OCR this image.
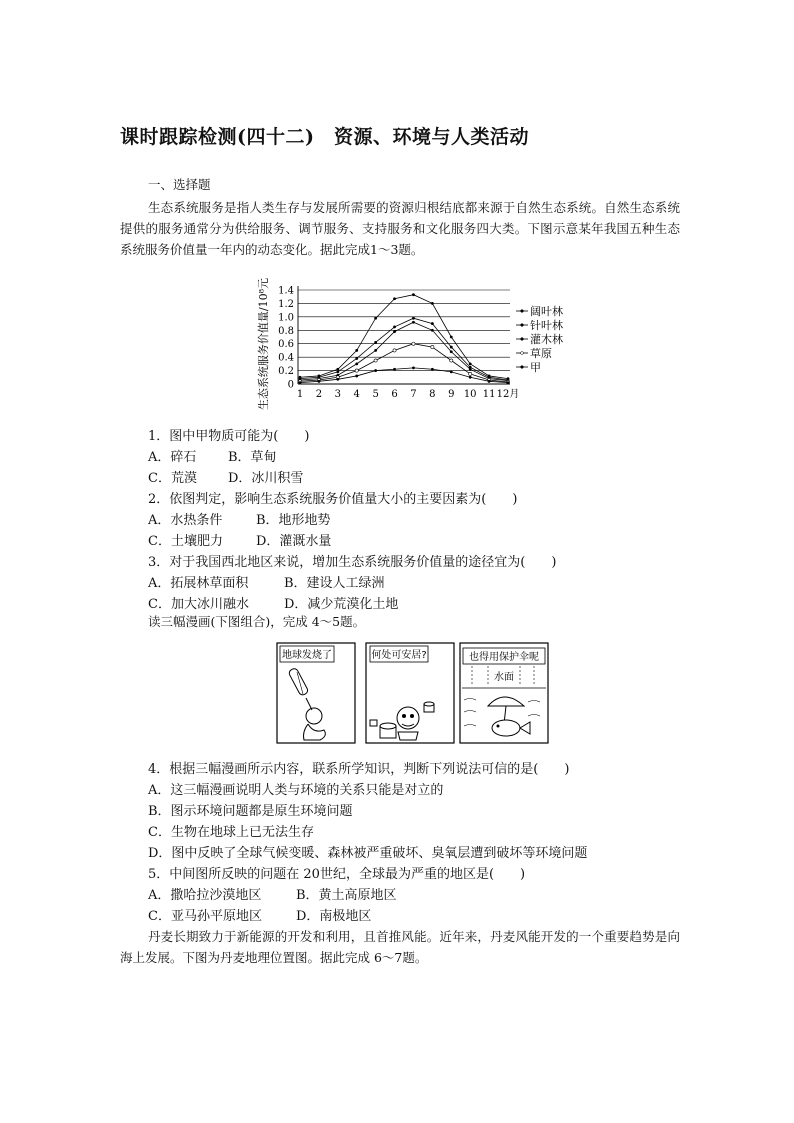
课时跟踪检测(四十二)　资源、环境与人类活动
一、选择题
生态系统服务是指人类生存与发展所需要的资源归根结底都来源于自然生态系统。自然生态系统提供的服务通常分为供给服务、调节服务、支持服务和文化服务四大类。下图示意某年我国五种生态系统服务价值量一年内的动态变化。据此完成1～3题。
0
0.2
0.4
0.6
0.8
1.0
1.2
1.4
1 2 3 4 5 6 7 8 9 10 11 12月
阔叶林
针叶林
灌木林
草原
甲
生态系统服务价值量/10⁸元
1．图中甲物质可能为(　　)
A．碎石 B．草甸
C．荒漠 D．冰川积雪
2．依图判定，影响生态系统服务价值量大小的主要因素为(　　)
A．水热条件	B．地形地势
C．土壤肥力	D．灌溉水量
3．对于我国西北地区来说，增加生态系统服务价值量的途径宜为(　　)
A．拓展林草面积	B．建设人工绿洲
C．加大冰川融水	D．减少荒漠化土地
读三幅漫画(下图组合)，完成 4～5题。
地球发烧了	何处可安居?	也得用保护伞呢
水面
4．根据三幅漫画所示内容，联系所学知识，判断下列说法可信的是(　　)
A．这三幅漫画说明人类与环境的关系只能是对立的
B．图示环境问题都是原生环境问题
C．生物在地球上已无法生存
D．图中反映了全球气候变暖、森林被严重破坏、臭氧层遭到破坏等环境问题
5．中间图所反映的问题在 20世纪，全球最为严重的地区是(　　)
A．撒哈拉沙漠地区	B．黄土高原地区
C．亚马孙平原地区	D．南极地区
丹麦长期致力于新能源的开发和利用，且首推风能。近年来，丹麦风能开发的一个重要趋势是向海上发展。下图为丹麦地理位置图。据此完成 6～7题。
